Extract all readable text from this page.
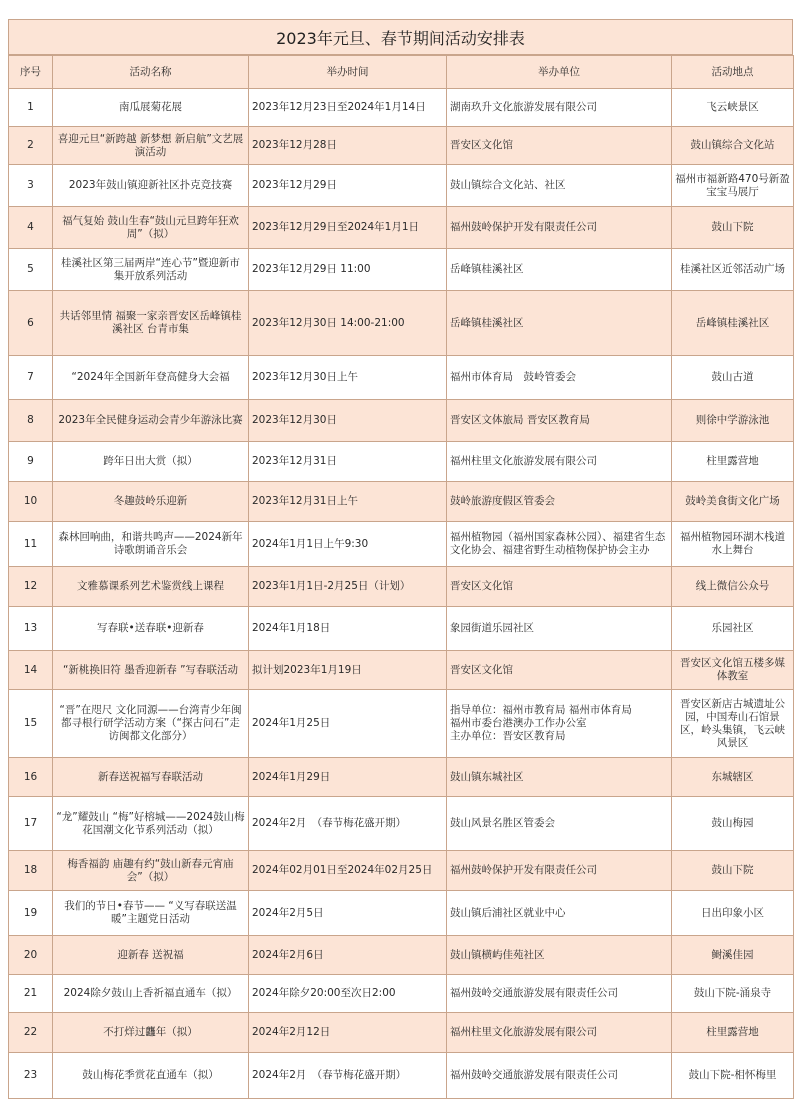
2023年元旦、春节期间活动安排表
序号	活动名称	举办时间	举办单位	活动地点
1	南瓜展菊花展	2023年12月23日至2024年1月14日	湖南玖升文化旅游发展有限公司	飞云峡景区
2	喜迎元旦“新跨越 新梦想 新启航”文艺展演活动	2023年12月28日	晋安区文化馆	鼓山镇综合文化站
3	2023年鼓山镇迎新社区扑克竞技赛	2023年12月29日	鼓山镇综合文化站、社区	福州市福新路470号新盈宝宝马展厅
4	福气复始 鼓山生春“鼓山元旦跨年狂欢周”（拟）	2023年12月29日至2024年1月1日	福州鼓岭保护开发有限责任公司	鼓山下院
5	桂溪社区第三届两岸“连心节”暨迎新市集开放系列活动	2023年12月29日 11:00	岳峰镇桂溪社区	桂溪社区近邻活动广场
6	共话邻里情 福聚一家亲晋安区岳峰镇桂溪社区 台青市集	2023年12月30日 14:00-21:00	岳峰镇桂溪社区	岳峰镇桂溪社区
7	“2024年全国新年登高健身大会福	2023年12月30日上午	福州市体育局　鼓岭管委会	鼓山古道
8	2023年全民健身运动会青少年游泳比赛	2023年12月30日	晋安区文体旅局 晋安区教育局	则徐中学游泳池
9	跨年日出大赏（拟）	2023年12月31日	福州柱里文化旅游发展有限公司	柱里露营地
10	冬趣鼓岭乐迎新	2023年12月31日上午	鼓岭旅游度假区管委会	鼓岭美食街文化广场
11	森林回响曲，和谐共鸣声——2024新年诗歌朗诵音乐会	2024年1月1日上午9:30	福州植物园（福州国家森林公园）、福建省生态文化协会、福建省野生动植物保护协会主办	福州植物园环湖木栈道水上舞台
12	文雅慕课系列艺术鉴赏线上课程	2023年1月1日-2月25日（计划）	晋安区文化馆	线上微信公众号
13	写春联•送春联•迎新春	2024年1月18日	象园街道乐园社区	乐园社区
14	“新桃换旧符 墨香迎新春 ”写春联活动	拟计划2023年1月19日	晋安区文化馆	晋安区文化馆五楼多媒体教室
15	“晋”在咫尺 文化同源——台湾青少年闽都寻根行研学活动方案（“探古问石”走访闽都文化部分）	2024年1月25日	指导单位：福州市教育局 福州市体育局
福州市委台港澳办工作办公室
主办单位：晋安区教育局	晋安区新店古城遗址公园，中国寿山石馆景区，岭头集镇，飞云峡风景区
16	新春送祝福写春联活动	2024年1月29日	鼓山镇东城社区	东城辖区
17	“龙”耀鼓山 “梅”好榕城——2024鼓山梅花国潮文化节系列活动（拟）	2024年2月　（春节梅花盛开期）	鼓山风景名胜区管委会	鼓山梅园
18	梅香福韵 庙趣有约“鼓山新春元宵庙会”（拟）	2024年02月01日至2024年02月25日	福州鼓岭保护开发有限责任公司	鼓山下院
19	我们的节日•春节—— “义写春联送温暖”主题党日活动	2024年2月5日	鼓山镇后浦社区就业中心	日出印象小区
20	迎新春 送祝福	2024年2月6日	鼓山镇横屿佳苑社区	鲥溪佳园
21	2024除夕鼓山上香祈福直通车（拟）	2024年除夕20:00至次日2:00	福州鼓岭交通旅游发展有限责任公司	鼓山下院-涌泉寺
22	不打烊过龘年（拟）	2024年2月12日	福州柱里文化旅游发展有限公司	柱里露营地
23	鼓山梅花季赏花直通车（拟）	2024年2月　（春节梅花盛开期）	福州鼓岭交通旅游发展有限责任公司	鼓山下院-相怀梅里
